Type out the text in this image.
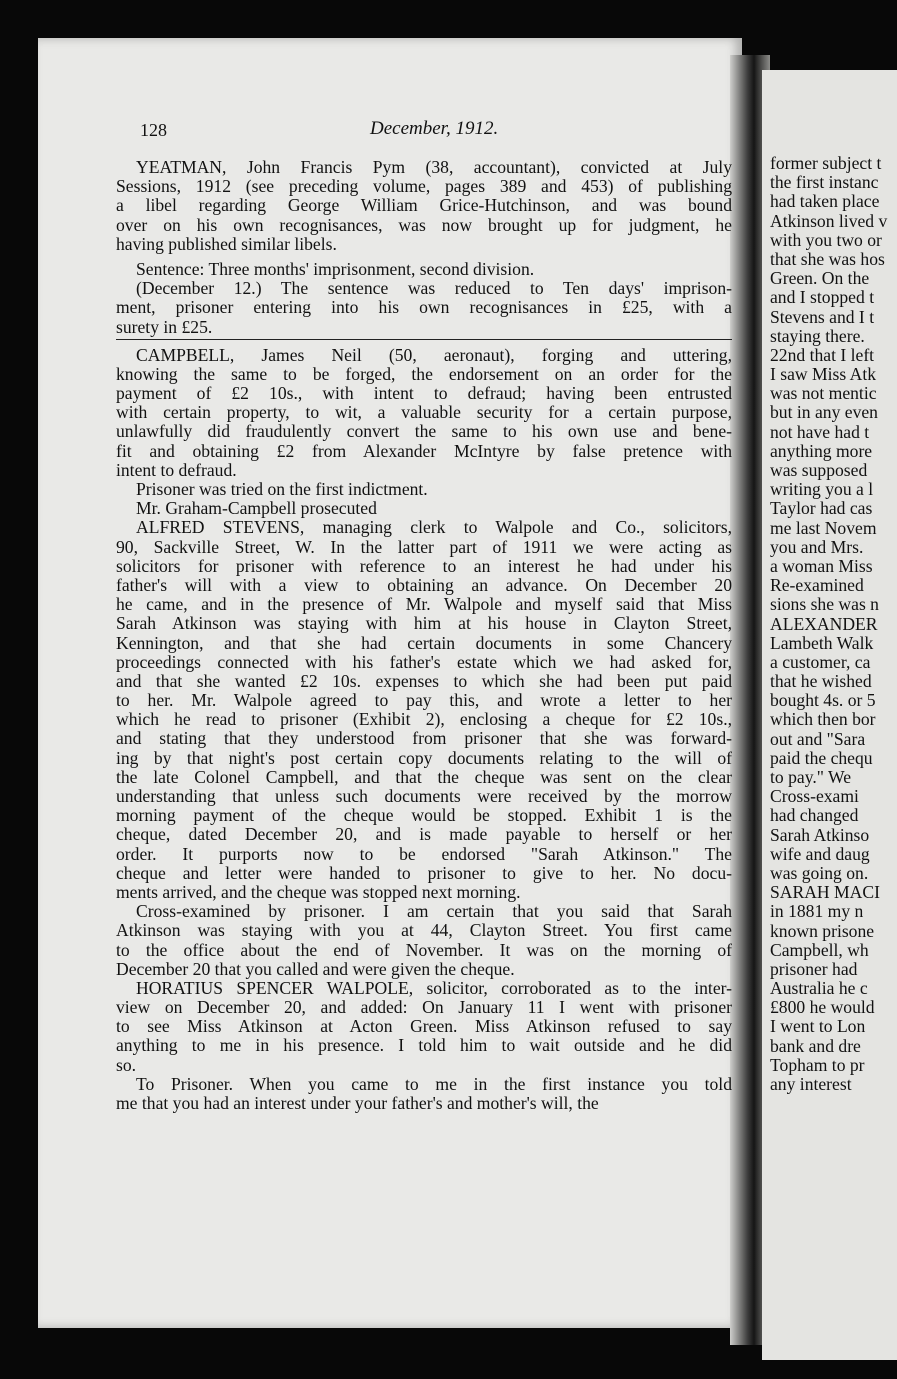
128	December, 1912.
YEATMAN, John Francis Pym (38, accountant), convicted at July
Sessions, 1912 (see preceding volume, pages 389 and 453) of publishing
a libel regarding George William Grice-Hutchinson, and was bound
over on his own recognisances, was now brought up for judgment, he
having published similar libels.
Sentence: Three months' imprisonment, second division.
(December 12.) The sentence was reduced to Ten days' imprison-
ment, prisoner entering into his own recognisances in £25, with a
surety in £25.
CAMPBELL, James Neil (50, aeronaut), forging and uttering,
knowing the same to be forged, the endorsement on an order for the
payment of £2 10s., with intent to defraud; having been entrusted
with certain property, to wit, a valuable security for a certain purpose,
unlawfully did fraudulently convert the same to his own use and bene-
fit and obtaining £2 from Alexander McIntyre by false pretence with
intent to defraud.
Prisoner was tried on the first indictment.
Mr. Graham-Campbell prosecuted
ALFRED STEVENS, managing clerk to Walpole and Co., solicitors,
90, Sackville Street, W. In the latter part of 1911 we were acting as
solicitors for prisoner with reference to an interest he had under his
father's will with a view to obtaining an advance. On December 20
he came, and in the presence of Mr. Walpole and myself said that Miss
Sarah Atkinson was staying with him at his house in Clayton Street,
Kennington, and that she had certain documents in some Chancery
proceedings connected with his father's estate which we had asked for,
and that she wanted £2 10s. expenses to which she had been put paid
to her. Mr. Walpole agreed to pay this, and wrote a letter to her
which he read to prisoner (Exhibit 2), enclosing a cheque for £2 10s.,
and stating that they understood from prisoner that she was forward-
ing by that night's post certain copy documents relating to the will of
the late Colonel Campbell, and that the cheque was sent on the clear
understanding that unless such documents were received by the morrow
morning payment of the cheque would be stopped. Exhibit 1 is the
cheque, dated December 20, and is made payable to herself or her
order. It purports now to be endorsed "Sarah Atkinson." The
cheque and letter were handed to prisoner to give to her. No docu-
ments arrived, and the cheque was stopped next morning.
Cross-examined by prisoner. I am certain that you said that Sarah
Atkinson was staying with you at 44, Clayton Street. You first came
to the office about the end of November. It was on the morning of
December 20 that you called and were given the cheque.
HORATIUS SPENCER WALPOLE, solicitor, corroborated as to the inter-
view on December 20, and added: On January 11 I went with prisoner
to see Miss Atkinson at Acton Green. Miss Atkinson refused to say
anything to me in his presence. I told him to wait outside and he did
so.
To Prisoner. When you came to me in the first instance you told
me that you had an interest under your father's and mother's will, the
former subject t
the first instanc
had taken place
Atkinson lived v
with you two or
that she was hos
Green. On the
and I stopped t
Stevens and I t
staying there.
22nd that I left
I saw Miss Atk
was not mentic
but in any even
not have had t
anything more
was supposed
writing you a l
Taylor had cas
me last Novem
you and Mrs.
a woman Miss
Re-examined
sions she was n
ALEXANDER
Lambeth Walk
a customer, ca
that he wished
bought 4s. or 5
which then bor
out and "Sara
paid the chequ
to pay." We
Cross-exami
had changed
Sarah Atkinso
wife and daug
was going on.
SARAH MACI
in 1881 my n
known prisone
Campbell, wh
prisoner had
Australia he c
£800 he would
I went to Lon
bank and dre
Topham to pr
any interest
